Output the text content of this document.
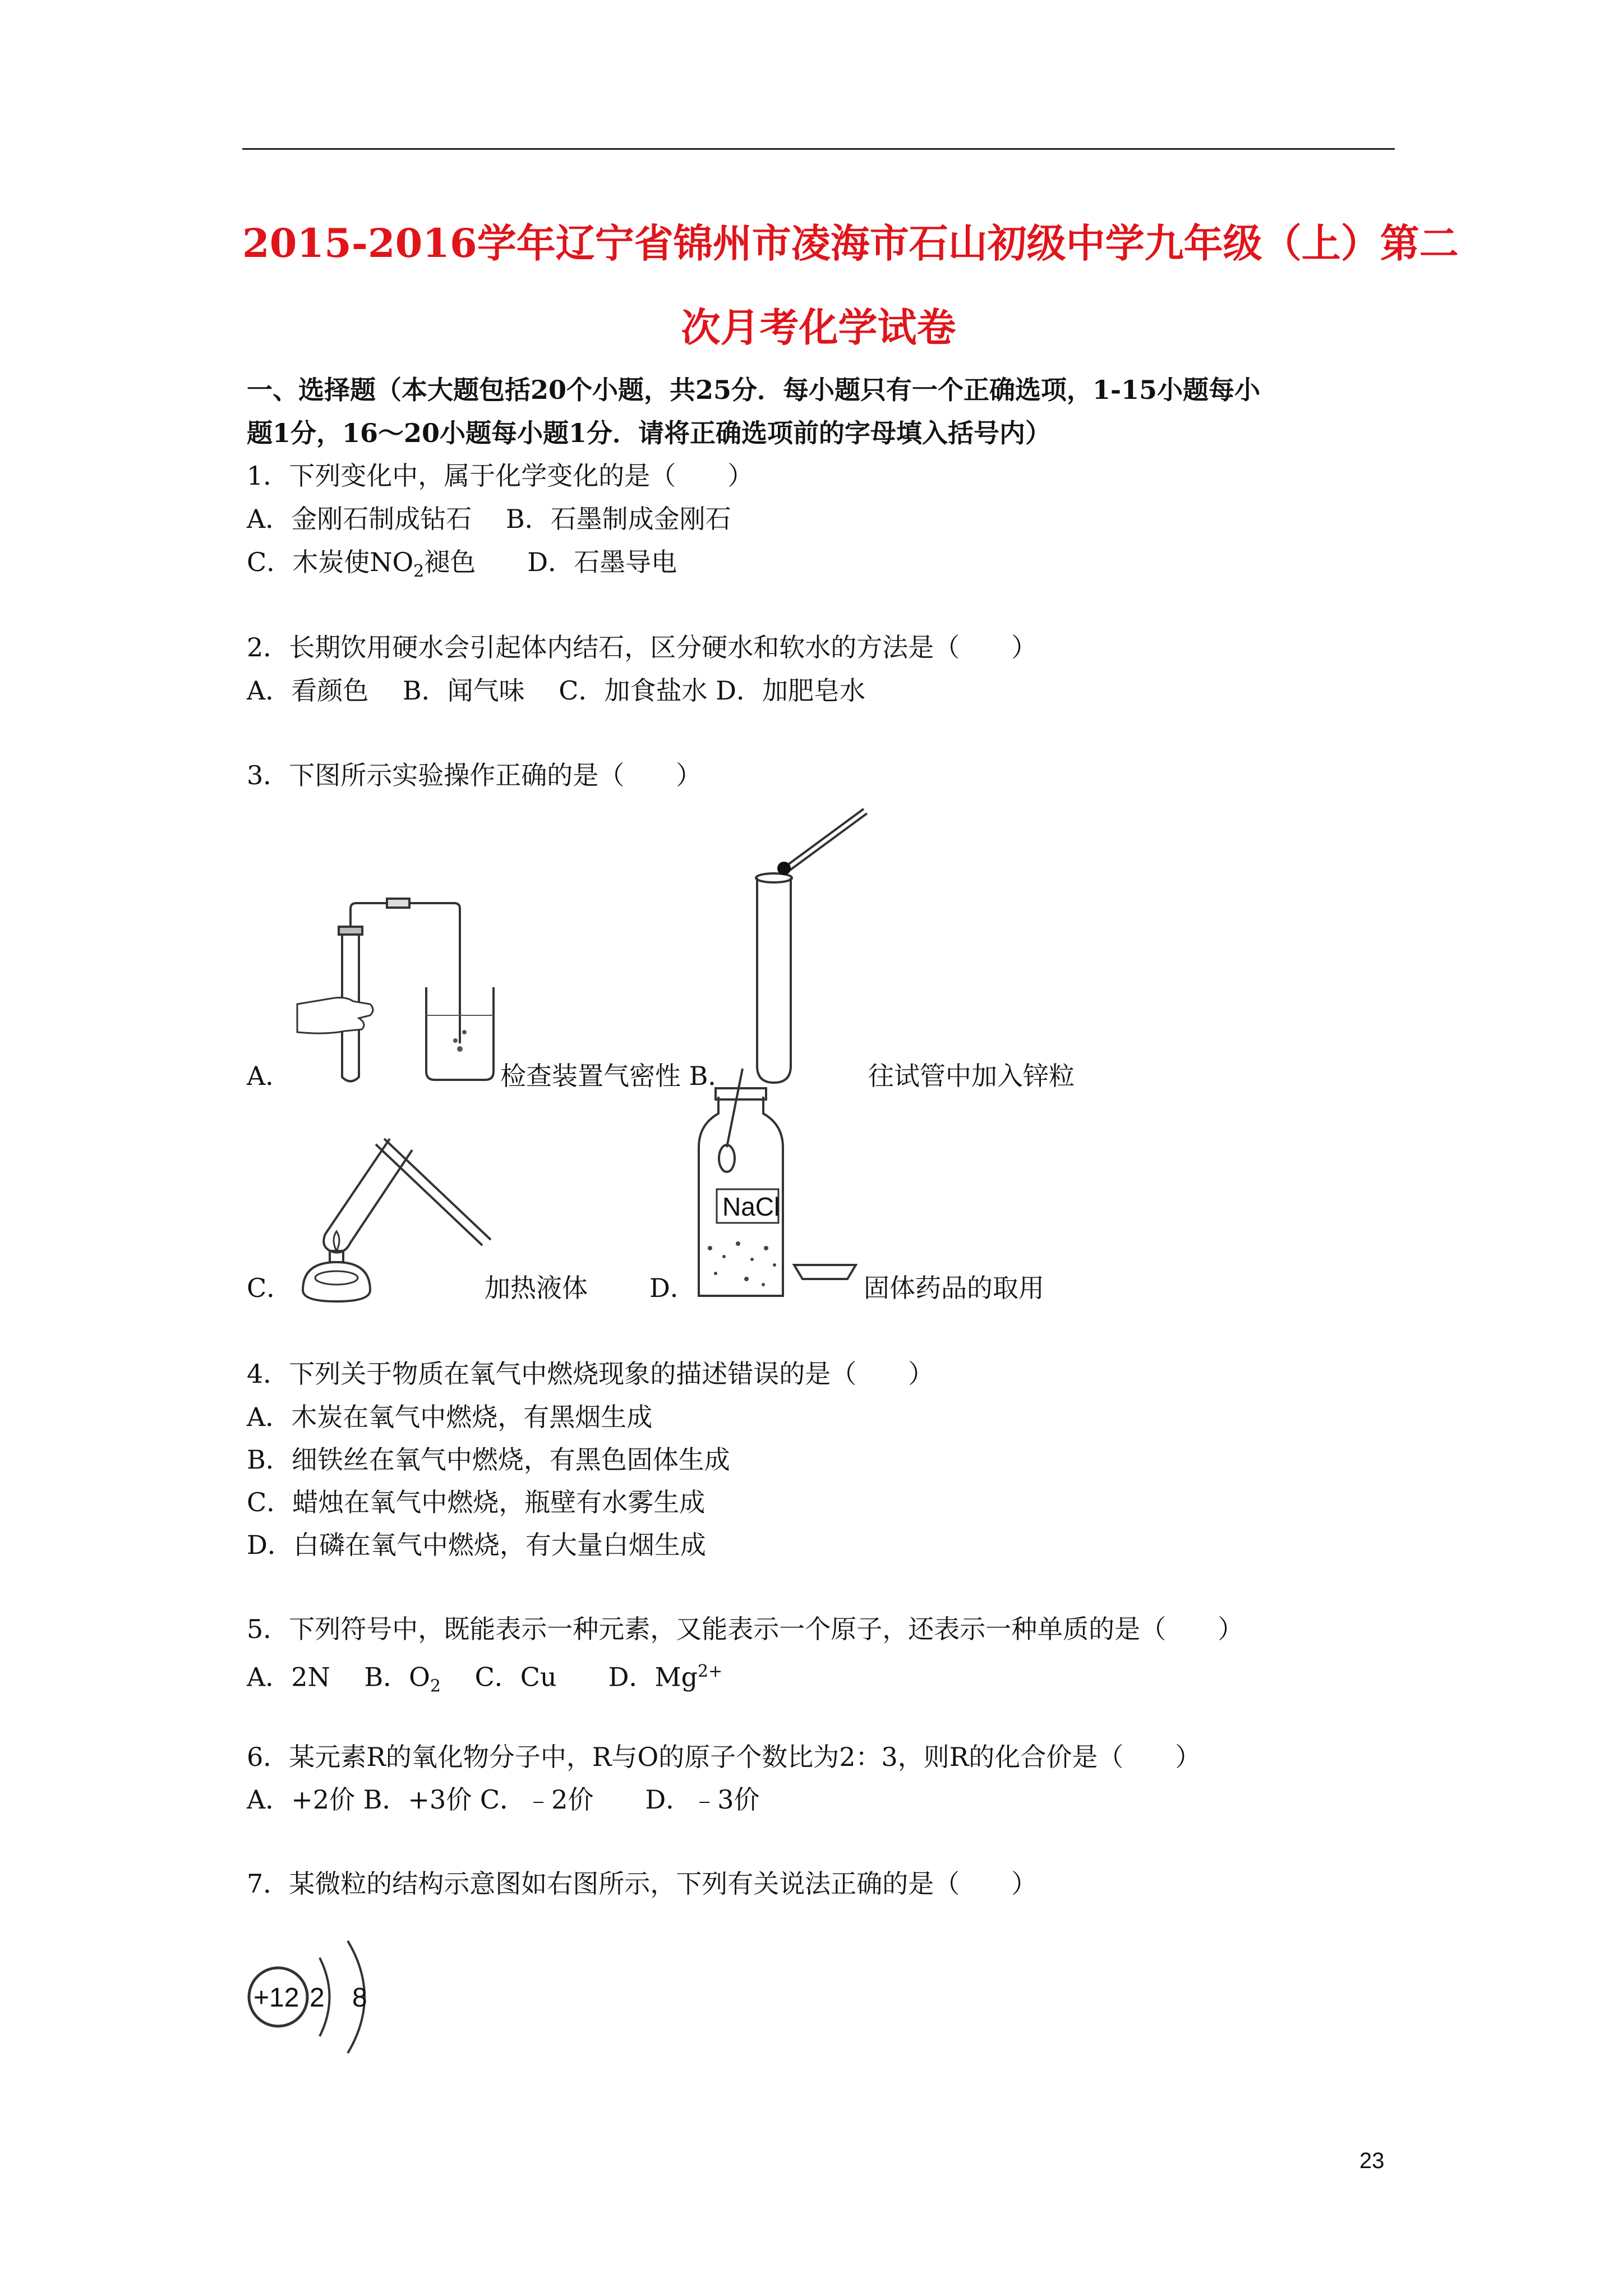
2015-2016学年辽宁省锦州市凌海市石山初级中学九年级（上）第二
次月考化学试卷
一、选择题（本大题包括20个小题，共25分．每小题只有一个正确选项，1-15小题每小
题1分，16～20小题每小题1分．请将正确选项前的字母填入括号内）
1．下列变化中，属于化学变化的是（　　）
A．金刚石制成钻石　 B．石墨制成金刚石
C．木炭使$NO_2$褪色　　D．石墨导电
2．长期饮用硬水会引起体内结石，区分硬水和软水的方法是（　　）
A．看颜色　 B．闻气味　 C．加食盐水 D．加肥皂水
3．下图所示实验操作正确的是（　　）
A．	检查装置气密性 B．	往试管中加入锌粒
C．	加热液体
NaCl
D．	固体药品的取用
4．下列关于物质在氧气中燃烧现象的描述错误的是（　　）
A．木炭在氧气中燃烧，有黑烟生成
B．细铁丝在氧气中燃烧，有黑色固体生成
C．蜡烛在氧气中燃烧，瓶壁有水雾生成
D．白磷在氧气中燃烧，有大量白烟生成
5．下列符号中，既能表示一种元素，又能表示一个原子，还表示一种单质的是（　　）
A．2N　 B．$O_2$　 C．Cu　　D．$Mg^{2+}$
6．某元素R的氧化物分子中，R与O的原子个数比为2：3，则R的化合价是（　　）
A．+2价 B．+3价 C．﹣2价　　D．﹣3价
7．某微粒的结构示意图如右图所示，下列有关说法正确的是（　　）
+12 2 8
23
